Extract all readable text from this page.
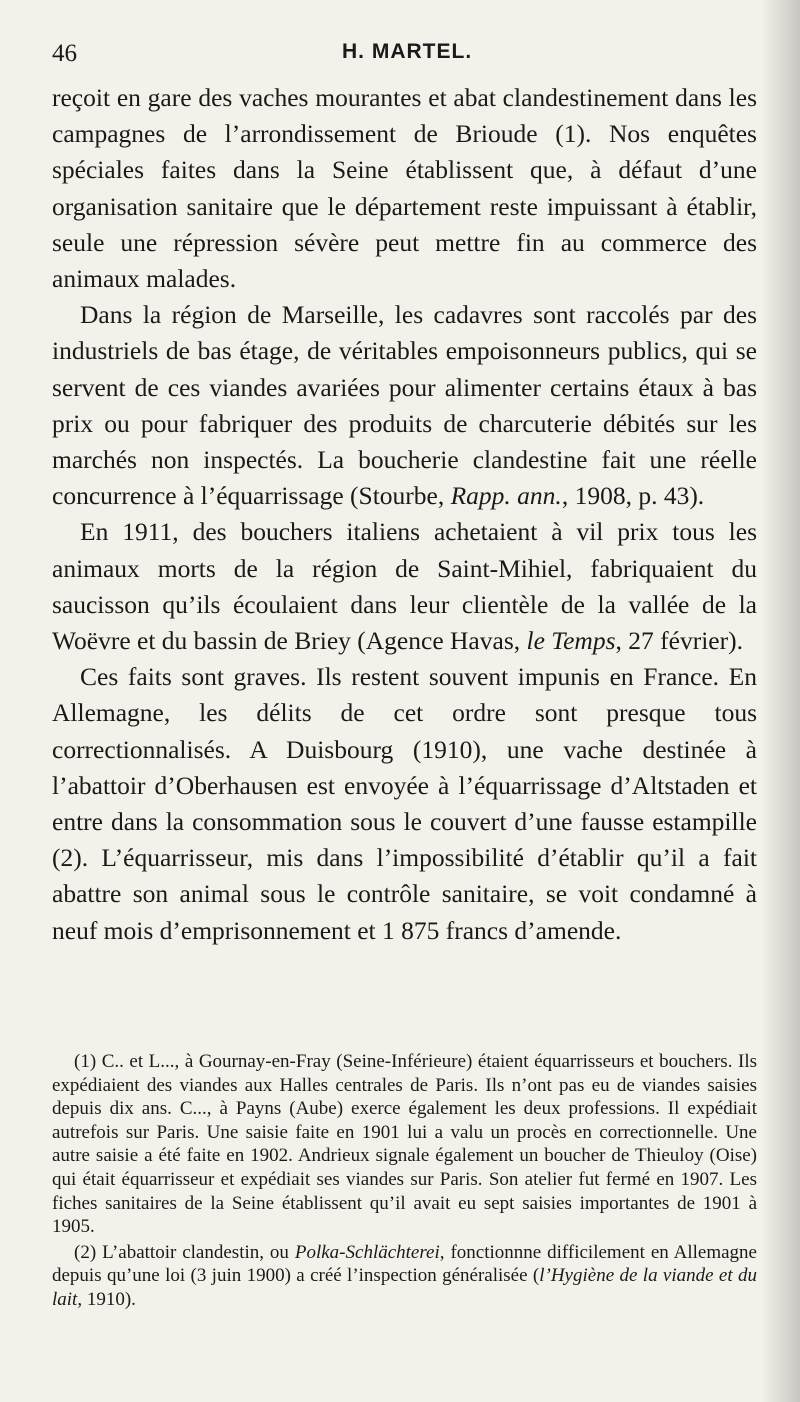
46	H. MARTEL.

reçoit en gare des vaches mourantes et abat clandestinement dans les campagnes de l’arrondissement de Brioude (1). Nos enquêtes spéciales faites dans la Seine établissent que, à défaut d’une organisation sanitaire que le département reste impuissant à établir, seule une répression sévère peut mettre fin au commerce des animaux malades.

Dans la région de Marseille, les cadavres sont raccolés par des industriels de bas étage, de véritables empoisonneurs publics, qui se servent de ces viandes avariées pour alimenter certains étaux à bas prix ou pour fabriquer des produits de charcuterie débités sur les marchés non inspectés. La boucherie clandestine fait une réelle concurrence à l’équarrissage (Stourbe, Rapp. ann., 1908, p. 43).

En 1911, des bouchers italiens achetaient à vil prix tous les animaux morts de la région de Saint-Mihiel, fabriquaient du saucisson qu’ils écoulaient dans leur clientèle de la vallée de la Woëvre et du bassin de Briey (Agence Havas, le Temps, 27 février).

Ces faits sont graves. Ils restent souvent impunis en France. En Allemagne, les délits de cet ordre sont presque tous correctionnalisés. A Duisbourg (1910), une vache destinée à l’abattoir d’Oberhausen est envoyée à l’équarrissage d’Altstaden et entre dans la consommation sous le couvert d’une fausse estampille (2). L’équarrisseur, mis dans l’impossibilité d’établir qu’il a fait abattre son animal sous le contrôle sanitaire, se voit condamné à neuf mois d’emprisonnement et 1 875 francs d’amende.

(1) C.. et L..., à Gournay-en-Fray (Seine-Inférieure) étaient équarrisseurs et bouchers. Ils expédiaient des viandes aux Halles centrales de Paris. Ils n’ont pas eu de viandes saisies depuis dix ans. C..., à Payns (Aube) exerce également les deux professions. Il expédiait autrefois sur Paris. Une saisie faite en 1901 lui a valu un procès en correctionnelle. Une autre saisie a été faite en 1902. Andrieux signale également un boucher de Thieuloy (Oise) qui était équarrisseur et expédiait ses viandes sur Paris. Son atelier fut fermé en 1907. Les fiches sanitaires de la Seine établissent qu’il avait eu sept saisies importantes de 1901 à 1905.

(2) L’abattoir clandestin, ou Polka-Schlächterei, fonctionnne difficilement en Allemagne depuis qu’une loi (3 juin 1900) a créé l’inspection généralisée (l’Hygiène de la viande et du lait, 1910).
